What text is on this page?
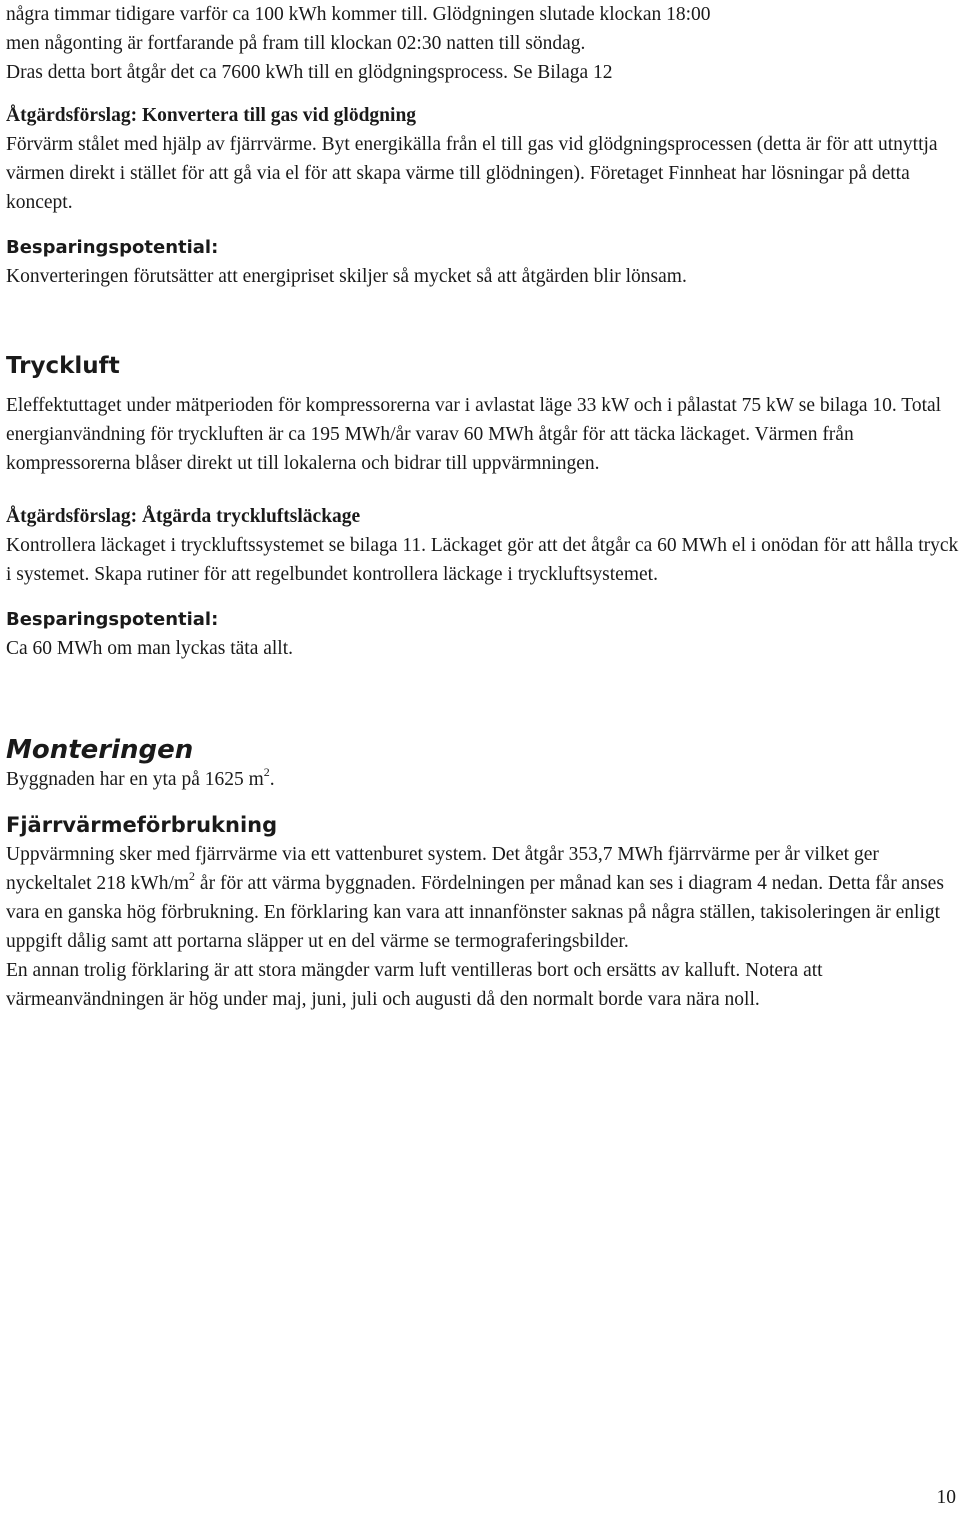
några timmar tidigare varför ca 100 kWh kommer till. Glödgningen slutade klockan 18:00

men någonting är fortfarande på fram till klockan 02:30 natten till söndag.

Dras detta bort åtgår det ca 7600 kWh till en glödgningsprocess. Se Bilaga 12

Åtgärdsförslag: Konvertera till gas vid glödgning

Förvärm stålet med hjälp av fjärrvärme. Byt energikälla från el till gas vid glödgningsprocessen (detta är för att utnyttja värmen direkt i stället för att gå via el för att skapa värme till glödningen). Företaget Finnheat har lösningar på detta koncept.

Besparingspotential:

Konverteringen förutsätter att energipriset skiljer så mycket så att åtgärden blir lönsam.

Tryckluft

Eleffektuttaget under mätperioden för kompressorerna var i avlastat läge 33 kW och i pålastat 75 kW se bilaga 10. Total energianvändning för tryckluften är ca 195 MWh/år varav 60 MWh åtgår för att täcka läckaget. Värmen från kompressorerna blåser direkt ut till lokalerna och bidrar till uppvärmningen.

Åtgärdsförslag: Åtgärda tryckluftsläckage

Kontrollera läckaget i tryckluftssystemet se bilaga 11. Läckaget gör att det åtgår ca 60 MWh el i onödan för att hålla tryck i systemet. Skapa rutiner för att regelbundet kontrollera läckage i tryckluftsystemet.

Besparingspotential:

Ca 60 MWh om man lyckas täta allt.

Monteringen

Byggnaden har en yta på 1625 $m^2$.

Fjärrvärmeförbrukning

Uppvärmning sker med fjärrvärme via ett vattenburet system. Det åtgår 353,7 MWh fjärrvärme per år vilket ger nyckeltalet 218 kWh/$m^2$ år för att värma byggnaden. Fördelningen per månad kan ses i diagram 4 nedan. Detta får anses vara en ganska hög förbrukning. En förklaring kan vara att innanfönster saknas på några ställen, takisoleringen är enligt uppgift dålig samt att portarna släpper ut en del värme se termograferingsbilder.

En annan trolig förklaring är att stora mängder varm luft ventilleras bort och ersätts av kalluft. Notera att värmeanvändningen är hög under maj, juni, juli och augusti då den normalt borde vara nära noll.

10
